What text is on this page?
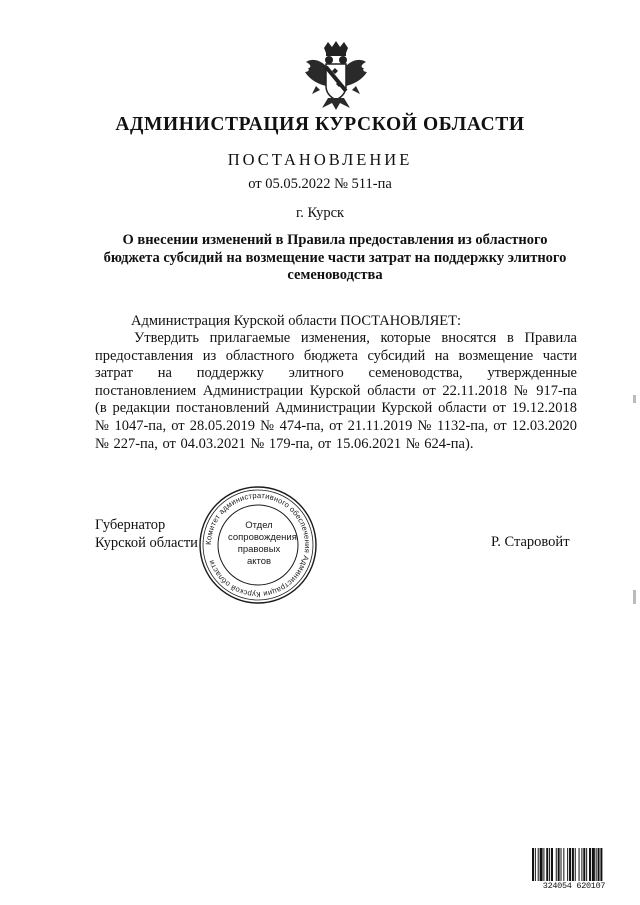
АДМИНИСТРАЦИЯ КУРСКОЙ ОБЛАСТИ
ПОСТАНОВЛЕНИЕ
от 05.05.2022 № 511-па
г. Курск
О внесении изменений в Правила предоставления из областного бюджета субсидий на возмещение части затрат на поддержку элитного семеноводства
Администрация Курской области ПОСТАНОВЛЯЕТ:
Утвердить прилагаемые изменения, которые вносятся в Правила предоставления из областного бюджета субсидий на возмещение части затрат на поддержку элитного семеноводства, утвержденные постановлением Администрации Курской области от 22.11.2018 № 917-па (в редакции постановлений Администрации Курской области от 19.12.2018 № 1047-па, от 28.05.2019 № 474-па, от 21.11.2019 № 1132-па, от 12.03.2020 № 227-па, от 04.03.2021 № 179-па, от 15.06.2021 № 624-па).
Губернатор
Курской области	Р. Старовойт
Комитет административного обеспечения Администрации Курской области
Отдел
сопровождения
правовых
актов
324054 620107
